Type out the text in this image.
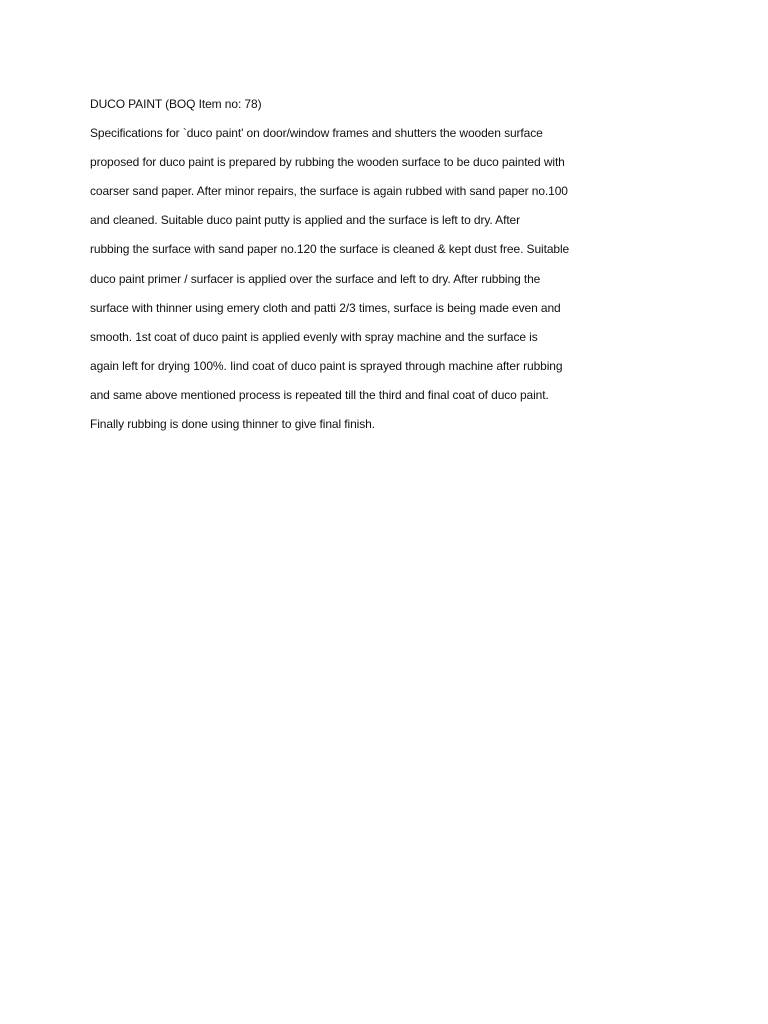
DUCO PAINT (BOQ Item no: 78)
Specifications for `duco paint' on door/window frames and shutters the wooden surface
proposed for duco paint is prepared by rubbing the wooden surface to be duco painted with
coarser sand paper. After minor repairs, the surface is again rubbed with sand paper no.100
and cleaned. Suitable duco paint putty is applied and the surface is left to dry. After
rubbing the surface with sand paper no.120 the surface is cleaned & kept dust free. Suitable
duco paint primer / surfacer is applied over the surface and left to dry. After rubbing the
surface with thinner using emery cloth and patti 2/3 times, surface is being made even and
smooth. 1st coat of duco paint is applied evenly with spray machine and the surface is
again left for drying 100%. Iind coat of duco paint is sprayed through machine after rubbing
and same above mentioned process is repeated till the third and final coat of duco paint.
Finally rubbing is done using thinner to give final finish.
